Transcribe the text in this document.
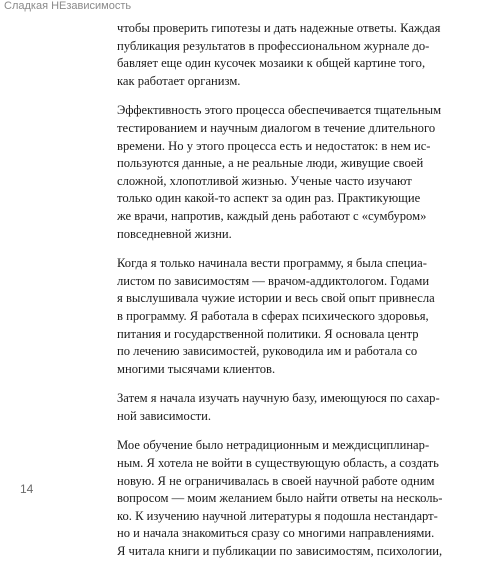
Сладкая НЕзависимость

чтобы проверить гипотезы и дать надежные ответы. Каждая
публикация результатов в профессиональном журнале до-
бавляет еще один кусочек мозаики к общей картине того,
как работает организм.

Эффективность этого процесса обеспечивается тщательным
тестированием и научным диалогом в течение длительного
времени. Но у этого процесса есть и недостаток: в нем ис-
пользуются данные, а не реальные люди, живущие своей
сложной, хлопотливой жизнью. Ученые часто изучают
только один какой-то аспект за один раз. Практикующие
же врачи, напротив, каждый день работают с «сумбуром»
повседневной жизни.

Когда я только начинала вести программу, я была специа-
листом по зависимостям — врачом-аддиктологом. Годами
я выслушивала чужие истории и весь свой опыт привнесла
в программу. Я работала в сферах психического здоровья,
питания и государственной политики. Я основала центр
по лечению зависимостей, руководила им и работала со
многими тысячами клиентов.

Затем я начала изучать научную базу, имеющуюся по сахар-
ной зависимости.

Мое обучение было нетрадиционным и междисциплинар-
ным. Я хотела не войти в существующую область, а создать
новую. Я не ограничивалась в своей научной работе одним
вопросом — моим желанием было найти ответы на несколь-
ко. К изучению научной литературы я подошла нестандарт-
но и начала знакомиться сразу со многими направлениями.
Я читала книги и публикации по зависимостям, психологии,

14
